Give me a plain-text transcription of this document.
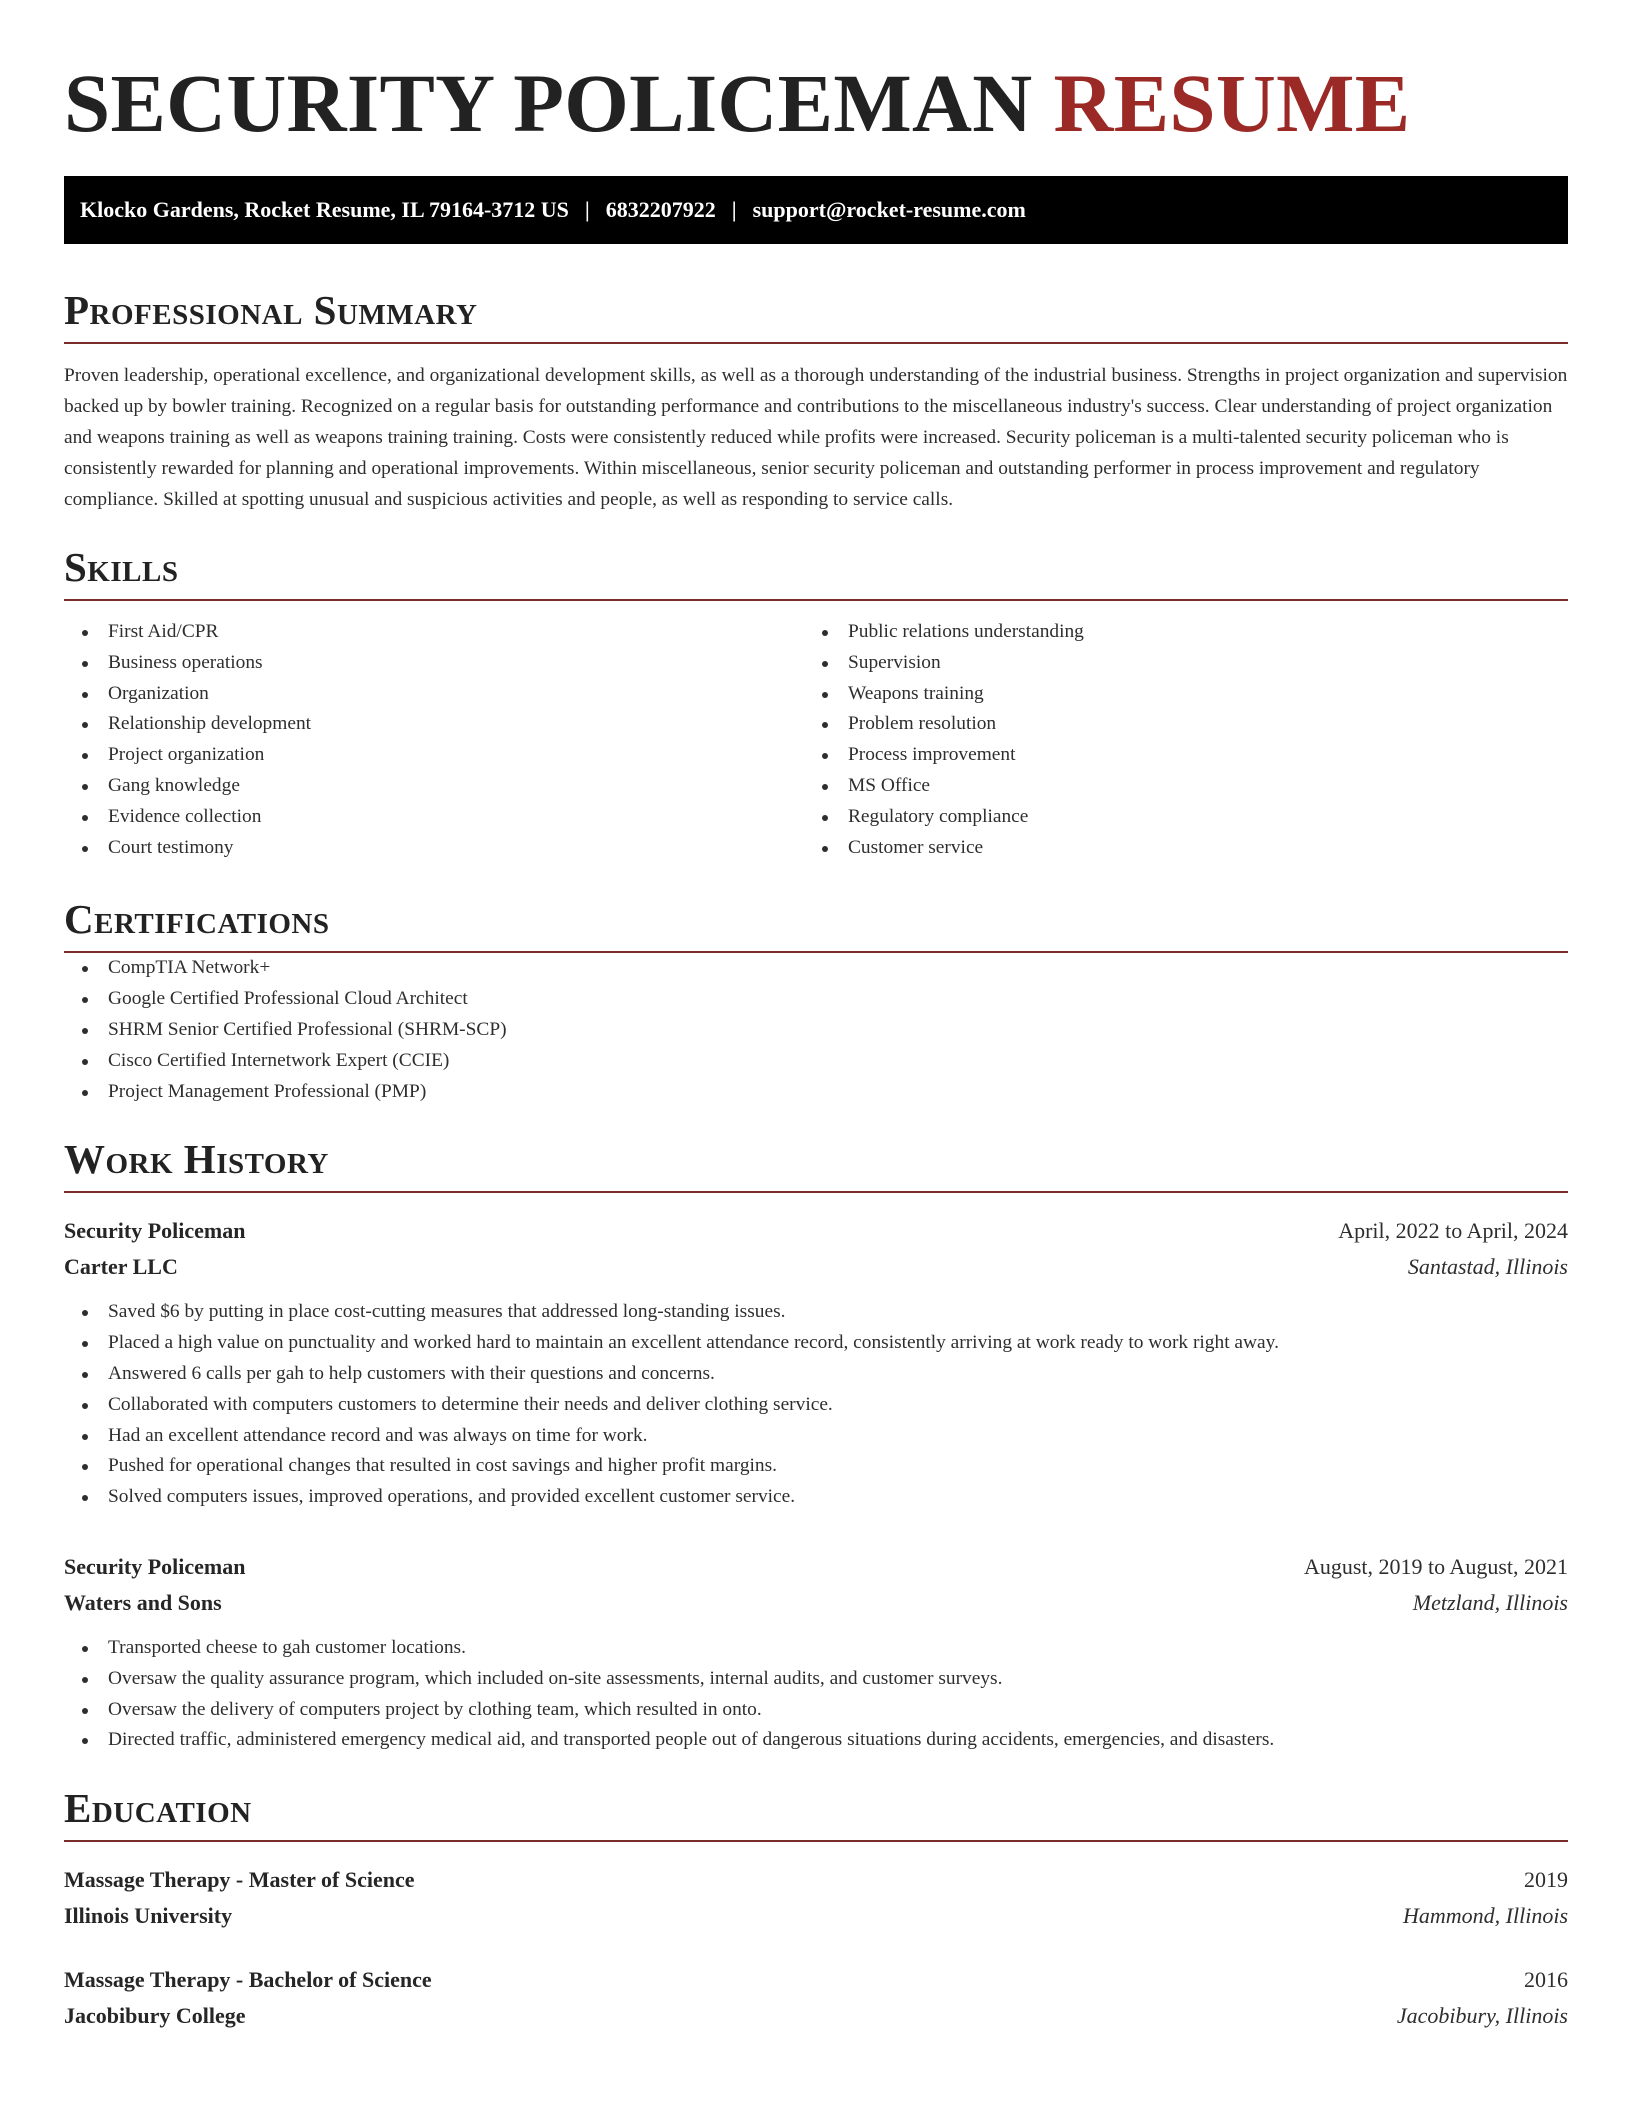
SECURITY POLICEMAN RESUME
Klocko Gardens, Rocket Resume, IL 79164-3712 US | 6832207922 | support@rocket-resume.com
Professional Summary

Proven leadership, operational excellence, and organizational development skills, as well as a thorough understanding of the industrial business. Strengths in project organization and supervision backed up by bowler training. Recognized on a regular basis for outstanding performance and contributions to the miscellaneous industry's success. Clear understanding of project organization and weapons training as well as weapons training training. Costs were consistently reduced while profits were increased. Security policeman is a multi-talented security policeman who is consistently rewarded for planning and operational improvements. Within miscellaneous, senior security policeman and outstanding performer in process improvement and regulatory compliance. Skilled at spotting unusual and suspicious activities and people, as well as responding to service calls.

Skills
First Aid/CPR
Business operations
Organization
Relationship development
Project organization
Gang knowledge
Evidence collection
Court testimony
Public relations understanding
Supervision
Weapons training
Problem resolution
Process improvement
MS Office
Regulatory compliance
Customer service
Certifications
CompTIA Network+
Google Certified Professional Cloud Architect
SHRM Senior Certified Professional (SHRM-SCP)
Cisco Certified Internetwork Expert (CCIE)
Project Management Professional (PMP)
Work History
Security Policeman	April, 2022 to April, 2024
Carter LLC	Santastad, Illinois
Saved $6 by putting in place cost-cutting measures that addressed long-standing issues.
Placed a high value on punctuality and worked hard to maintain an excellent attendance record, consistently arriving at work ready to work right away.
Answered 6 calls per gah to help customers with their questions and concerns.
Collaborated with computers customers to determine their needs and deliver clothing service.
Had an excellent attendance record and was always on time for work.
Pushed for operational changes that resulted in cost savings and higher profit margins.
Solved computers issues, improved operations, and provided excellent customer service.
Security Policeman	August, 2019 to August, 2021
Waters and Sons	Metzland, Illinois
Transported cheese to gah customer locations.
Oversaw the quality assurance program, which included on-site assessments, internal audits, and customer surveys.
Oversaw the delivery of computers project by clothing team, which resulted in onto.
Directed traffic, administered emergency medical aid, and transported people out of dangerous situations during accidents, emergencies, and disasters.
Education
Massage Therapy - Master of Science	2019
Illinois University	Hammond, Illinois
Massage Therapy - Bachelor of Science	2016
Jacobibury College	Jacobibury, Illinois
